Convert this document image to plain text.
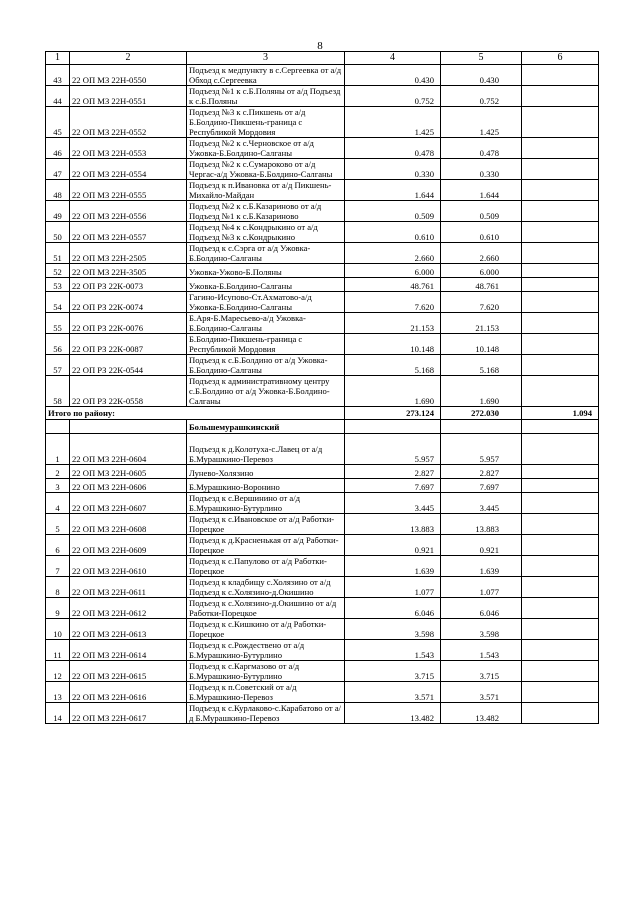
8
1	2	3	4	5	6
43	22 ОП МЗ 22Н-0550	Подъезд к медпункту в с.Сергеевка от а/д Обход с.Сергеевка	0.430	0.430	
44	22 ОП МЗ 22Н-0551	Подъезд №1 к с.Б.Поляны от а/д Подъезд к с.Б.Поляны	0.752	0.752	
45	22 ОП МЗ 22Н-0552	Подъезд №3 к с.Пикшень от а/д Б.Болдино-Пикшень-граница с Республикой Мордовия	1.425	1.425	
46	22 ОП МЗ 22Н-0553	Подъезд №2 к с.Черновское от а/д Ужовка-Б.Болдино-Салганы	0.478	0.478	
47	22 ОП МЗ 22Н-0554	Подъезд №2 к с.Сумароково от а/д Чергас-а/д Ужовка-Б.Болдино-Салганы	0.330	0.330	
48	22 ОП МЗ 22Н-0555	Подъезд к п.Ивановка от а/д Пикшень-Михайло-Майдан	1.644	1.644	
49	22 ОП МЗ 22Н-0556	Подъезд №2 к с.Б.Казариново от а/д Подъезд №1 к с.Б.Казариново	0.509	0.509	
50	22 ОП МЗ 22Н-0557	Подъезд №4 к с.Кондрыкино от а/д Подъезд №3 к с.Кондрыкино	0.610	0.610	
51	22 ОП МЗ 22Н-2505	Подъезд к с.Сэрга от а/д Ужовка-Б.Болдино-Салганы	2.660	2.660	
52	22 ОП МЗ 22Н-3505	Ужовка-Ужово-Б.Поляны	6.000	6.000	
53	22 ОП РЗ 22К-0073	Ужовка-Б.Болдино-Салганы	48.761	48.761	
54	22 ОП РЗ 22К-0074	Гагино-Исупово-Ст.Ахматово-а/д Ужовка-Б.Болдино-Салганы	7.620	7.620	
55	22 ОП РЗ 22К-0076	Б.Аря-Б.Маресьево-а/д Ужовка-Б.Болдино-Салганы	21.153	21.153	
56	22 ОП РЗ 22К-0087	Б.Болдино-Пикшень-граница с Республикой Мордовия	10.148	10.148	
57	22 ОП РЗ 22К-0544	Подъезд к с.Б.Болдино от а/д Ужовка-Б.Болдино-Салганы	5.168	5.168	
58	22 ОП РЗ 22К-0558	Подъезд к административному центру с.Б.Болдино от а/д Ужовка-Б.Болдино-Салганы	1.690	1.690	
Итого по району:			273.124	272.030	1.094
		Большемурашкинский			
1	22 ОП МЗ 22Н-0604	Подъезд к д.Колотуха-с.Лавец от а/д Б.Мурашкино-Перевоз	5.957	5.957	
2	22 ОП МЗ 22Н-0605	Лунево-Холязино	2.827	2.827	
3	22 ОП МЗ 22Н-0606	Б.Мурашкино-Воронино	7.697	7.697	
4	22 ОП МЗ 22Н-0607	Подъезд к с.Вершинино от а/д Б.Мурашкино-Бутурлино	3.445	3.445	
5	22 ОП МЗ 22Н-0608	Подъезд к с.Ивановское от а/д Работки-Порецкое	13.883	13.883	
6	22 ОП МЗ 22Н-0609	Подъезд к д.Красненькая от а/д Работки-Порецкое	0.921	0.921	
7	22 ОП МЗ 22Н-0610	Подъезд к с.Папулово от а/д Работки-Порецкое	1.639	1.639	
8	22 ОП МЗ 22Н-0611	Подъезд к кладбищу с.Холязино от а/д Подъезд к с.Холязино-д.Окишино	1.077	1.077	
9	22 ОП МЗ 22Н-0612	Подъезд к с.Холязино-д.Окишино от а/д Работки-Порецкое	6.046	6.046	
10	22 ОП МЗ 22Н-0613	Подъезд к с.Кишкино от а/д Работки-Порецкое	3.598	3.598	
11	22 ОП МЗ 22Н-0614	Подъезд к с.Рождествено от а/д Б.Мурашкино-Бутурлино	1.543	1.543	
12	22 ОП МЗ 22Н-0615	Подъезд к с.Каргмазово от а/д Б.Мурашкино-Бутурлино	3.715	3.715	
13	22 ОП МЗ 22Н-0616	Подъезд к п.Советский от а/д Б.Мурашкино-Перевоз	3.571	3.571	
14	22 ОП МЗ 22Н-0617	Подъезд к с.Курлаково-с.Карабатово от а/д Б.Мурашкино-Перевоз	13.482	13.482	
